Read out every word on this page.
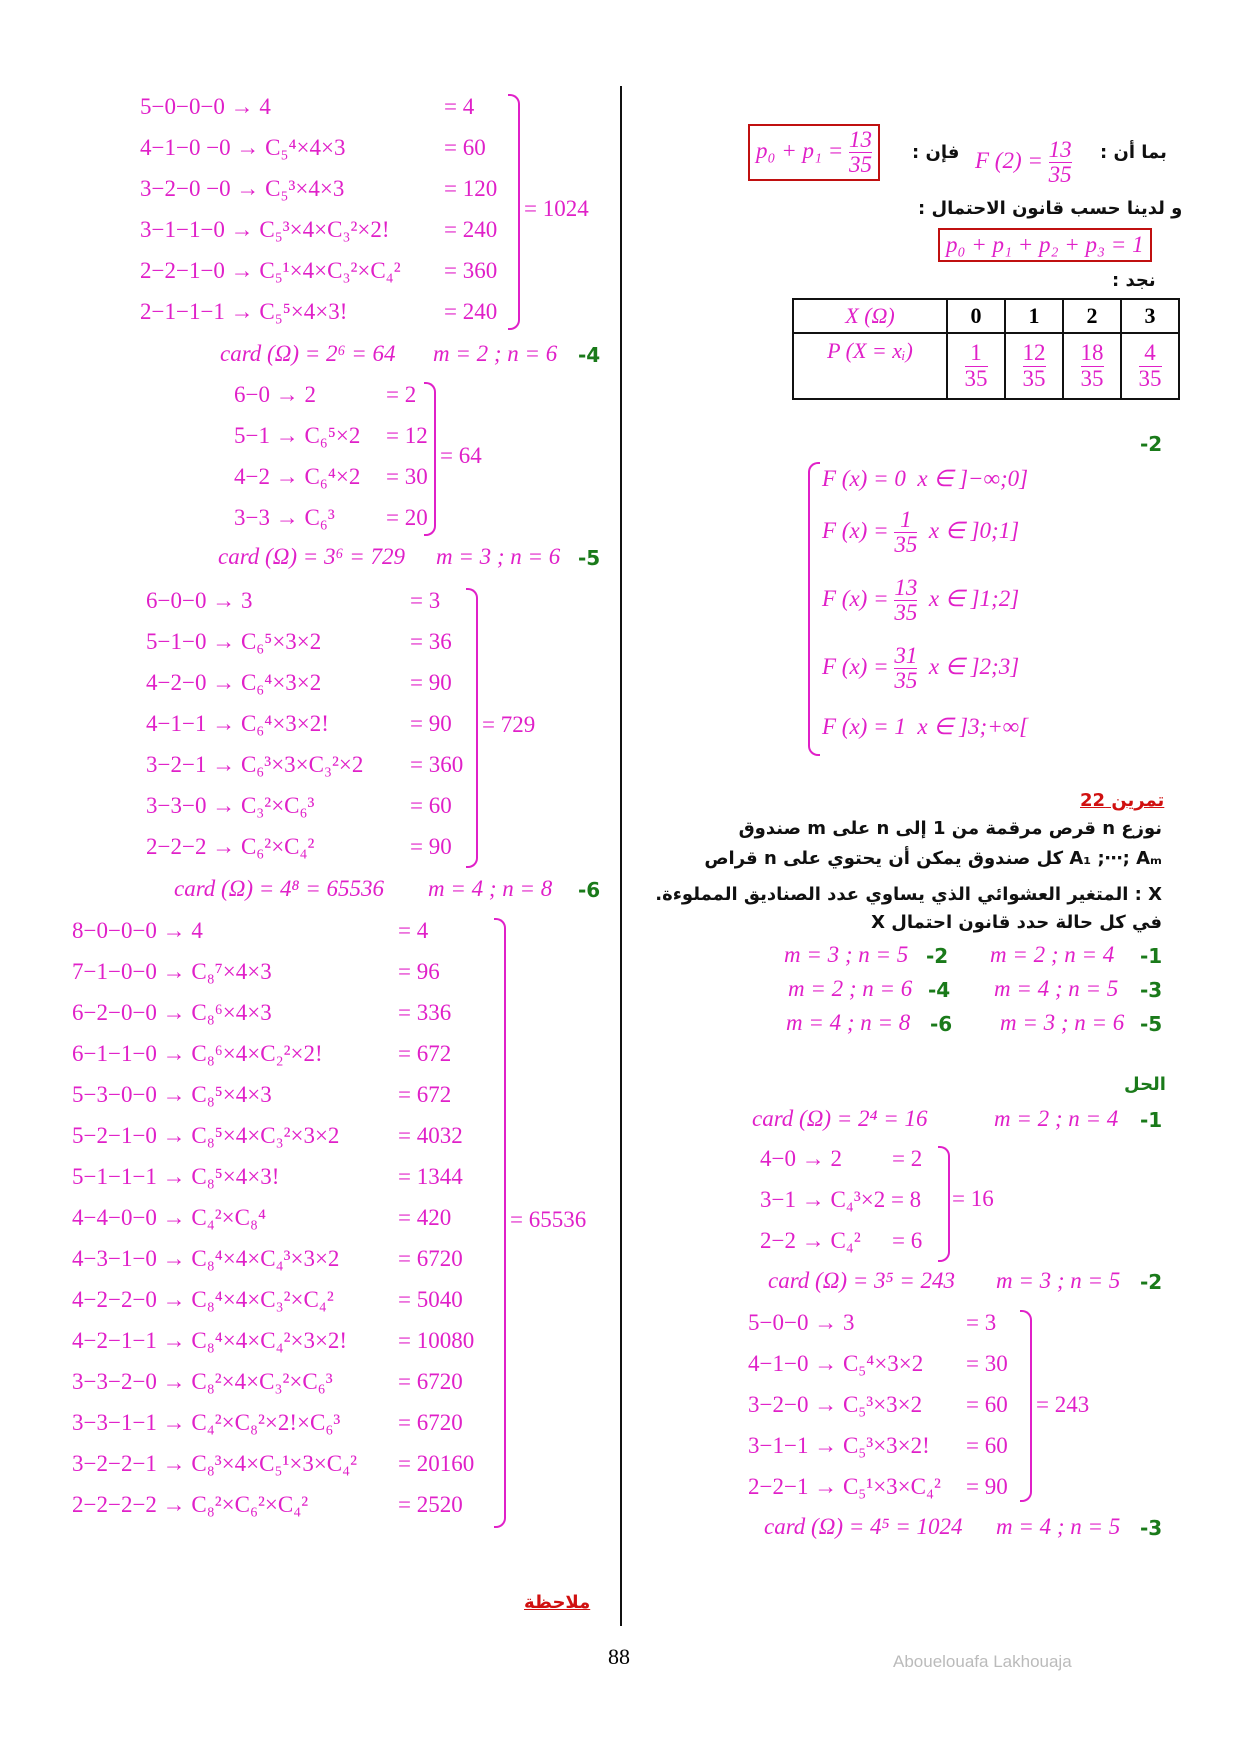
5−0−0−0 → 4	= 4
4−1−0 −0 → C₅⁴×4×3	= 60
3−2−0 −0 → C₅³×4×3	= 120
3−1−1−0 → C₅³×4×C₃²×2! = 240
2−2−1−0 → C₅¹×4×C₃²×C₄² = 360
2−1−1−1 → C₅⁵×4×3!	= 240
= 1024
card (Ω) = 2⁶ = 64 m = 2 ; n = 6 -4
6−0 → 2	= 2
5−1 → C₆⁵×2 = 12
4−2 → C₆⁴×2 = 30
3−3 → C₆³ = 20
= 64
card (Ω) = 3⁶ = 729 m = 3 ; n = 6 -5
6−0−0 → 3	= 3
5−1−0 → C₆⁵×3×2	= 36
4−2−0 → C₆⁴×3×2	= 90
4−1−1 → C₆⁴×3×2!	= 90
3−2−1 → C₆³×3×C₃²×2 = 360
3−3−0 → C₃²×C₆³	= 60
2−2−2 → C₆²×C₄²	= 90
= 729
card (Ω) = 4⁸ = 65536 m = 4 ; n = 8 -6
8−0−0−0 → 4	= 4
7−1−0−0 → C₈⁷×4×3	= 96
6−2−0−0 → C₈⁶×4×3	= 336
6−1−1−0 → C₈⁶×4×C₂²×2!	= 672
5−3−0−0 → C₈⁵×4×3	= 672
5−2−1−0 → C₈⁵×4×C₃²×3×2	= 4032
5−1−1−1 → C₈⁵×4×3!	= 1344
4−4−0−0 → C₄²×C₈⁴	= 420
4−3−1−0 → C₈⁴×4×C₄³×3×2	= 6720
4−2−2−0 → C₈⁴×4×C₃²×C₄²	= 5040
4−2−1−1 → C₈⁴×4×C₄²×3×2! = 10080
3−3−2−0 → C₈²×4×C₃²×C₆³	= 6720
3−3−1−1 → C₄²×C₈²×2!×C₆³	= 6720
3−2−2−1 → C₈³×4×C₅¹×3×C₄² = 20160
2−2−2−2 → C₈²×C₆²×C₄²	= 2520
= 65536
ملاحظة
بما أن :
F $(2) = \frac{13}{35}$
فإن :
$p_0 + p_1 = \frac{13}{35}$
و لدينا حسب قانون الاحتمال :
p₀ + p₁ + p₂ + p₃ = 1
نجد :
X (Ω)	0	1	2	3
P (X = xᵢ)	$\frac{1}{35}$	$\frac{12}{35}$	$\frac{18}{35}$	$\frac{4}{35}$
-2
F (x) = 0 x ∈ ]−∞;0]
F $(x) = \frac{1}{35}$ x ∈ ]0;1]
F $(x) = \frac{13}{35}$ x ∈ ]1;2]
F $(x) = \frac{31}{35}$ x ∈ ]2;3]
F (x) = 1 x ∈ ]3;+∞[
تمرين 22
نوزع n قرص مرقمة من 1 إلى n على m صندوق
A₁ ;⋯; Aₘ كل صندوق يمكن أن يحتوي على n قراص
X : المتغير العشوائي الذي يساوي عدد الصناديق المملوءة.
في كل حالة حدد قانون احتمال X
m = 2 ; n = 4 -1
m = 3 ; n = 5 -2
m = 4 ; n = 5 -3
m = 2 ; n = 6 -4
m = 3 ; n = 6 -5
m = 4 ; n = 8 -6
الحل
card (Ω) = 2⁴ = 16	m = 2 ; n = 4 -1
4−0 → 2 = 2
3−1 → C₄³×2 = 8
2−2 → C₄² = 6
= 16
card (Ω) = 3⁵ = 243 m = 3 ; n = 5 -2
5−0−0 → 3	= 3
4−1−0 → C₅⁴×3×2 = 30
3−2−0 → C₅³×3×2 = 60
3−1−1 → C₅³×3×2! = 60
2−2−1 → C₅¹×3×C₄² = 90
= 243
card (Ω) = 4⁵ = 1024 m = 4 ; n = 5 -3
88	Abouelouafa Lakhouaja
